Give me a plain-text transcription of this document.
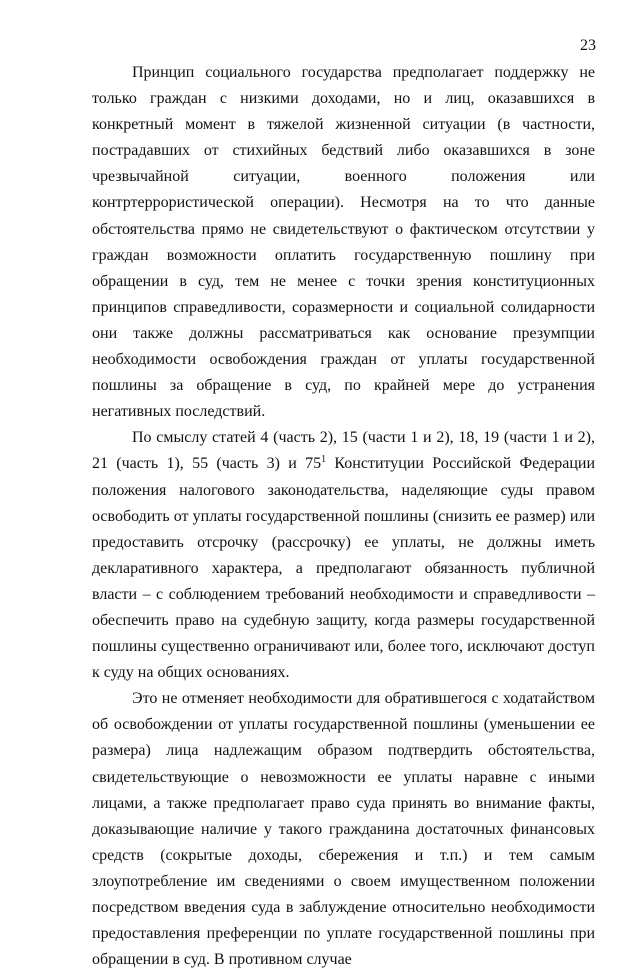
23

Принцип социального государства предполагает поддержку не только граждан с низкими доходами, но и лиц, оказавшихся в конкретный момент в тяжелой жизненной ситуации (в частности, пострадавших от стихийных бедствий либо оказавшихся в зоне чрезвычайной ситуации, военного положения или контртеррористической операции). Несмотря на то что данные обстоятельства прямо не свидетельствуют о фактическом отсутствии у граждан возможности оплатить государственную пошлину при обращении в суд, тем не менее с точки зрения конституционных принципов справедливости, соразмерности и социальной солидарности они также должны рассматриваться как основание презумпции необходимости освобождения граждан от уплаты государственной пошлины за обращение в суд, по крайней мере до устранения негативных последствий.

По смыслу статей 4 (часть 2), 15 (части 1 и 2), 18, 19 (части 1 и 2), 21 (часть 1), 55 (часть 3) и $75^1$ Конституции Российской Федерации положения налогового законодательства, наделяющие суды правом освободить от уплаты государственной пошлины (снизить ее размер) или предоставить отсрочку (рассрочку) ее уплаты, не должны иметь декларативного характера, а предполагают обязанность публичной власти – с соблюдением требований необходимости и справедливости – обеспечить право на судебную защиту, когда размеры государственной пошлины существенно ограничивают или, более того, исключают доступ к суду на общих основаниях.

Это не отменяет необходимости для обратившегося с ходатайством об освобождении от уплаты государственной пошлины (уменьшении ее размера) лица надлежащим образом подтвердить обстоятельства, свидетельствующие о невозможности ее уплаты наравне с иными лицами, а также предполагает право суда принять во внимание факты, доказывающие наличие у такого гражданина достаточных финансовых средств (сокрытые доходы, сбережения и т.п.) и тем самым злоупотребление им сведениями о своем имущественном положении посредством введения суда в заблуждение относительно необходимости предоставления преференции по уплате государственной пошлины при обращении в суд. В противном случае
